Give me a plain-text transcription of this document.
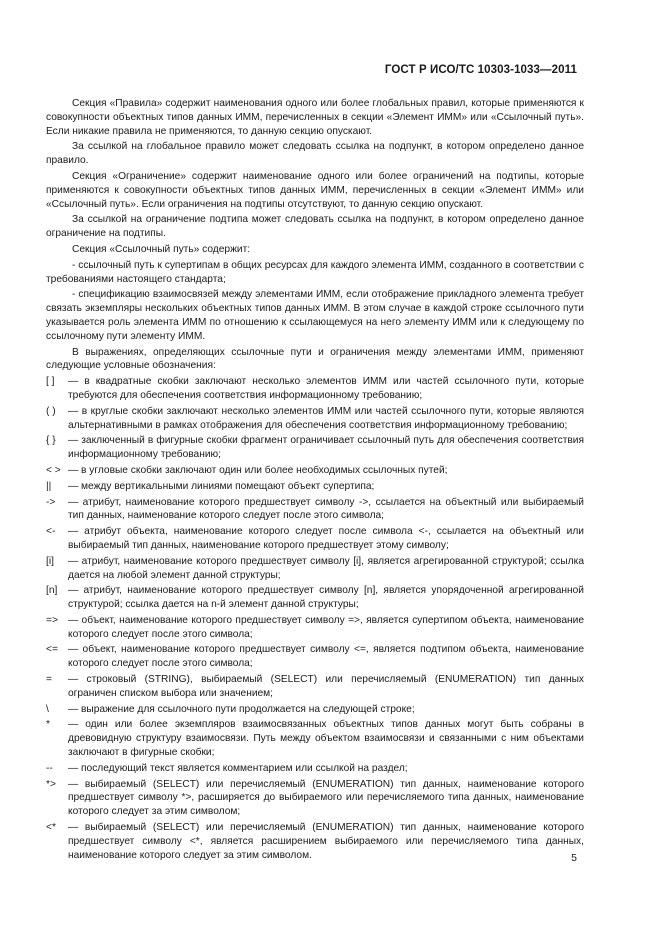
ГОСТ Р ИСО/ТС 10303-1033—2011

Секция «Правила» содержит наименования одного или более глобальных правил, которые применяются к совокупности объектных типов данных ИММ, перечисленных в секции «Элемент ИММ» или «Ссылочный путь». Если никакие правила не применяются, то данную секцию опускают.

За ссылкой на глобальное правило может следовать ссылка на подпункт, в котором определено данное правило.

Секция «Ограничение» содержит наименование одного или более ограничений на подтипы, которые применяются к совокупности объектных типов данных ИММ, перечисленных в секции «Элемент ИММ» или «Ссылочный путь». Если ограничения на подтипы отсутствуют, то данную секцию опускают.

За ссылкой на ограничение подтипа может следовать ссылка на подпункт, в котором определено данное ограничение на подтипы.

Секция «Ссылочный путь» содержит:

- ссылочный путь к супертипам в общих ресурсах для каждого элемента ИММ, созданного в соответствии с требованиями настоящего стандарта;

- спецификацию взаимосвязей между элементами ИММ, если отображение прикладного элемента требует связать экземпляры нескольких объектных типов данных ИММ. В этом случае в каждой строке ссылочного пути указывается роль элемента ИММ по отношению к ссылающемуся на него элементу ИММ или к следующему по ссылочному пути элементу ИММ.

В выражениях, определяющих ссылочные пути и ограничения между элементами ИММ, применяют следующие условные обозначения:

[ ]	— в квадратные скобки заключают несколько элементов ИММ или частей ссылочного пути, которые требуются для обеспечения соответствия информационному требованию;
( )	— в круглые скобки заключают несколько элементов ИММ или частей ссылочного пути, которые являются альтернативными в рамках отображения для обеспечения соответствия информационному требованию;
{ }	— заключенный в фигурные скобки фрагмент ограничивает ссылочный путь для обеспечения соответствия информационному требованию;
< > — в угловые скобки заключают один или более необходимых ссылочных путей;
||	— между вертикальными линиями помещают объект супертипа;
->	— атрибут, наименование которого предшествует символу ->, ссылается на объектный или выбираемый тип данных, наименование которого следует после этого символа;
<-	— атрибут объекта, наименование которого следует после символа <-, ссылается на объектный или выбираемый тип данных, наименование которого предшествует этому символу;
[i]	— атрибут, наименование которого предшествует символу [i], является агрегированной структурой; ссылка дается на любой элемент данной структуры;
[n]	— атрибут, наименование которого предшествует символу [n], является упорядоченной агрегированной структурой; ссылка дается на n-й элемент данной структуры;
=> — объект, наименование которого предшествует символу =>, является супертипом объекта, наименование которого следует после этого символа;
<= — объект, наименование которого предшествует символу <=, является подтипом объекта, наименование которого следует после этого символа;
=	— строковый (STRING), выбираемый (SELECT) или перечисляемый (ENUMERATION) тип данных ограничен списком выбора или значением;
\	— выражение для ссылочного пути продолжается на следующей строке;
*	— один или более экземпляров взаимосвязанных объектных типов данных могут быть собраны в древовидную структуру взаимосвязи. Путь между объектом взаимосвязи и связанными с ним объектами заключают в фигурные скобки;
--	— последующий текст является комментарием или ссылкой на раздел;
*>	— выбираемый (SELECT) или перечисляемый (ENUMERATION) тип данных, наименование которого предшествует символу *>, расширяется до выбираемого или перечисляемого типа данных, наименование которого следует за этим символом;
<*	— выбираемый (SELECT) или перечисляемый (ENUMERATION) тип данных, наименование которого предшествует символу <*, является расширением выбираемого или перечисляемого типа данных, наименование которого следует за этим символом.	5
